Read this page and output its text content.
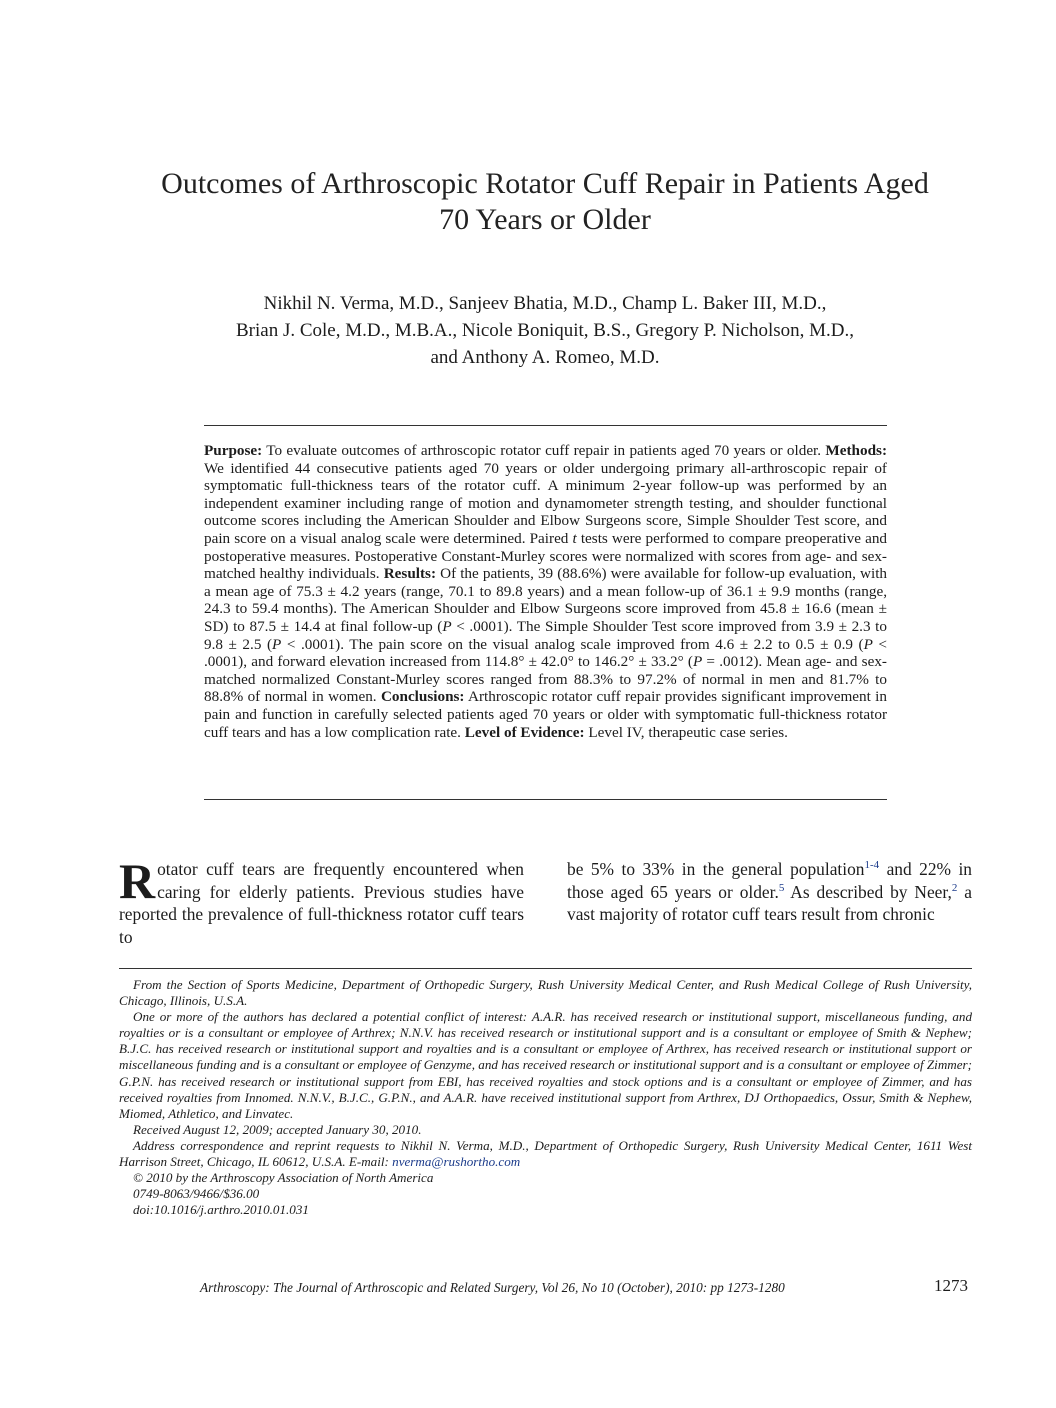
Outcomes of Arthroscopic Rotator Cuff Repair in Patients Aged
70 Years or Older
Nikhil N. Verma, M.D., Sanjeev Bhatia, M.D., Champ L. Baker III, M.D.,
Brian J. Cole, M.D., M.B.A., Nicole Boniquit, B.S., Gregory P. Nicholson, M.D.,
and Anthony A. Romeo, M.D.
Purpose: To evaluate outcomes of arthroscopic rotator cuff repair in patients aged 70 years or older. Methods: We identified 44 consecutive patients aged 70 years or older undergoing primary all-arthroscopic repair of symptomatic full-thickness tears of the rotator cuff. A minimum 2-year follow-up was performed by an independent examiner including range of motion and dynamometer strength testing, and shoulder functional outcome scores including the American Shoulder and Elbow Surgeons score, Simple Shoulder Test score, and pain score on a visual analog scale were determined. Paired t tests were performed to compare preoperative and postoperative measures. Postoperative Constant-Murley scores were normalized with scores from age- and sex-matched healthy individuals. Results: Of the patients, 39 (88.6%) were available for follow-up evaluation, with a mean age of 75.3 ± 4.2 years (range, 70.1 to 89.8 years) and a mean follow-up of 36.1 ± 9.9 months (range, 24.3 to 59.4 months). The American Shoulder and Elbow Surgeons score improved from 45.8 ± 16.6 (mean ± SD) to 87.5 ± 14.4 at final follow-up (P < .0001). The Simple Shoulder Test score improved from 3.9 ± 2.3 to 9.8 ± 2.5 (P < .0001). The pain score on the visual analog scale improved from 4.6 ± 2.2 to 0.5 ± 0.9 (P < .0001), and forward elevation increased from 114.8° ± 42.0° to 146.2° ± 33.2° (P = .0012). Mean age- and sex-matched normalized Constant-Murley scores ranged from 88.3% to 97.2% of normal in men and 81.7% to 88.8% of normal in women. Conclusions: Arthroscopic rotator cuff repair provides significant improvement in pain and function in carefully selected patients aged 70 years or older with symptomatic full-thickness rotator cuff tears and has a low complication rate. Level of Evidence: Level IV, therapeutic case series.
Rotator cuff tears are frequently encountered when caring for elderly patients. Previous studies have reported the prevalence of full-thickness rotator cuff tears to
be 5% to 33% in the general population$^{1-4}$ and 22% in those aged 65 years or older.$^5$ As described by Neer,$^2$ a vast majority of rotator cuff tears result from chronic

From the Section of Sports Medicine, Department of Orthopedic Surgery, Rush University Medical Center, and Rush Medical College of Rush University, Chicago, Illinois, U.S.A.

One or more of the authors has declared a potential conflict of interest: A.A.R. has received research or institutional support, miscellaneous funding, and royalties or is a consultant or employee of Arthrex; N.N.V. has received research or institutional support and is a consultant or employee of Smith & Nephew; B.J.C. has received research or institutional support and royalties and is a consultant or employee of Arthrex, has received research or institutional support or miscellaneous funding and is a consultant or employee of Genzyme, and has received research or institutional support and is a consultant or employee of Zimmer; G.P.N. has received research or institutional support from EBI, has received royalties and stock options and is a consultant or employee of Zimmer, and has received royalties from Innomed. N.N.V., B.J.C., G.P.N., and A.A.R. have received institutional support from Arthrex, DJ Orthopaedics, Ossur, Smith & Nephew, Miomed, Athletico, and Linvatec.

Received August 12, 2009; accepted January 30, 2010.

Address correspondence and reprint requests to Nikhil N. Verma, M.D., Department of Orthopedic Surgery, Rush University Medical Center, 1611 West Harrison Street, Chicago, IL 60612, U.S.A. E-mail: nverma@rushortho.com

© 2010 by the Arthroscopy Association of North America

0749-8063/9466/$36.00

doi:10.1016/j.arthro.2010.01.031

Arthroscopy: The Journal of Arthroscopic and Related Surgery, Vol 26, No 10 (October), 2010: pp 1273-1280	1273
